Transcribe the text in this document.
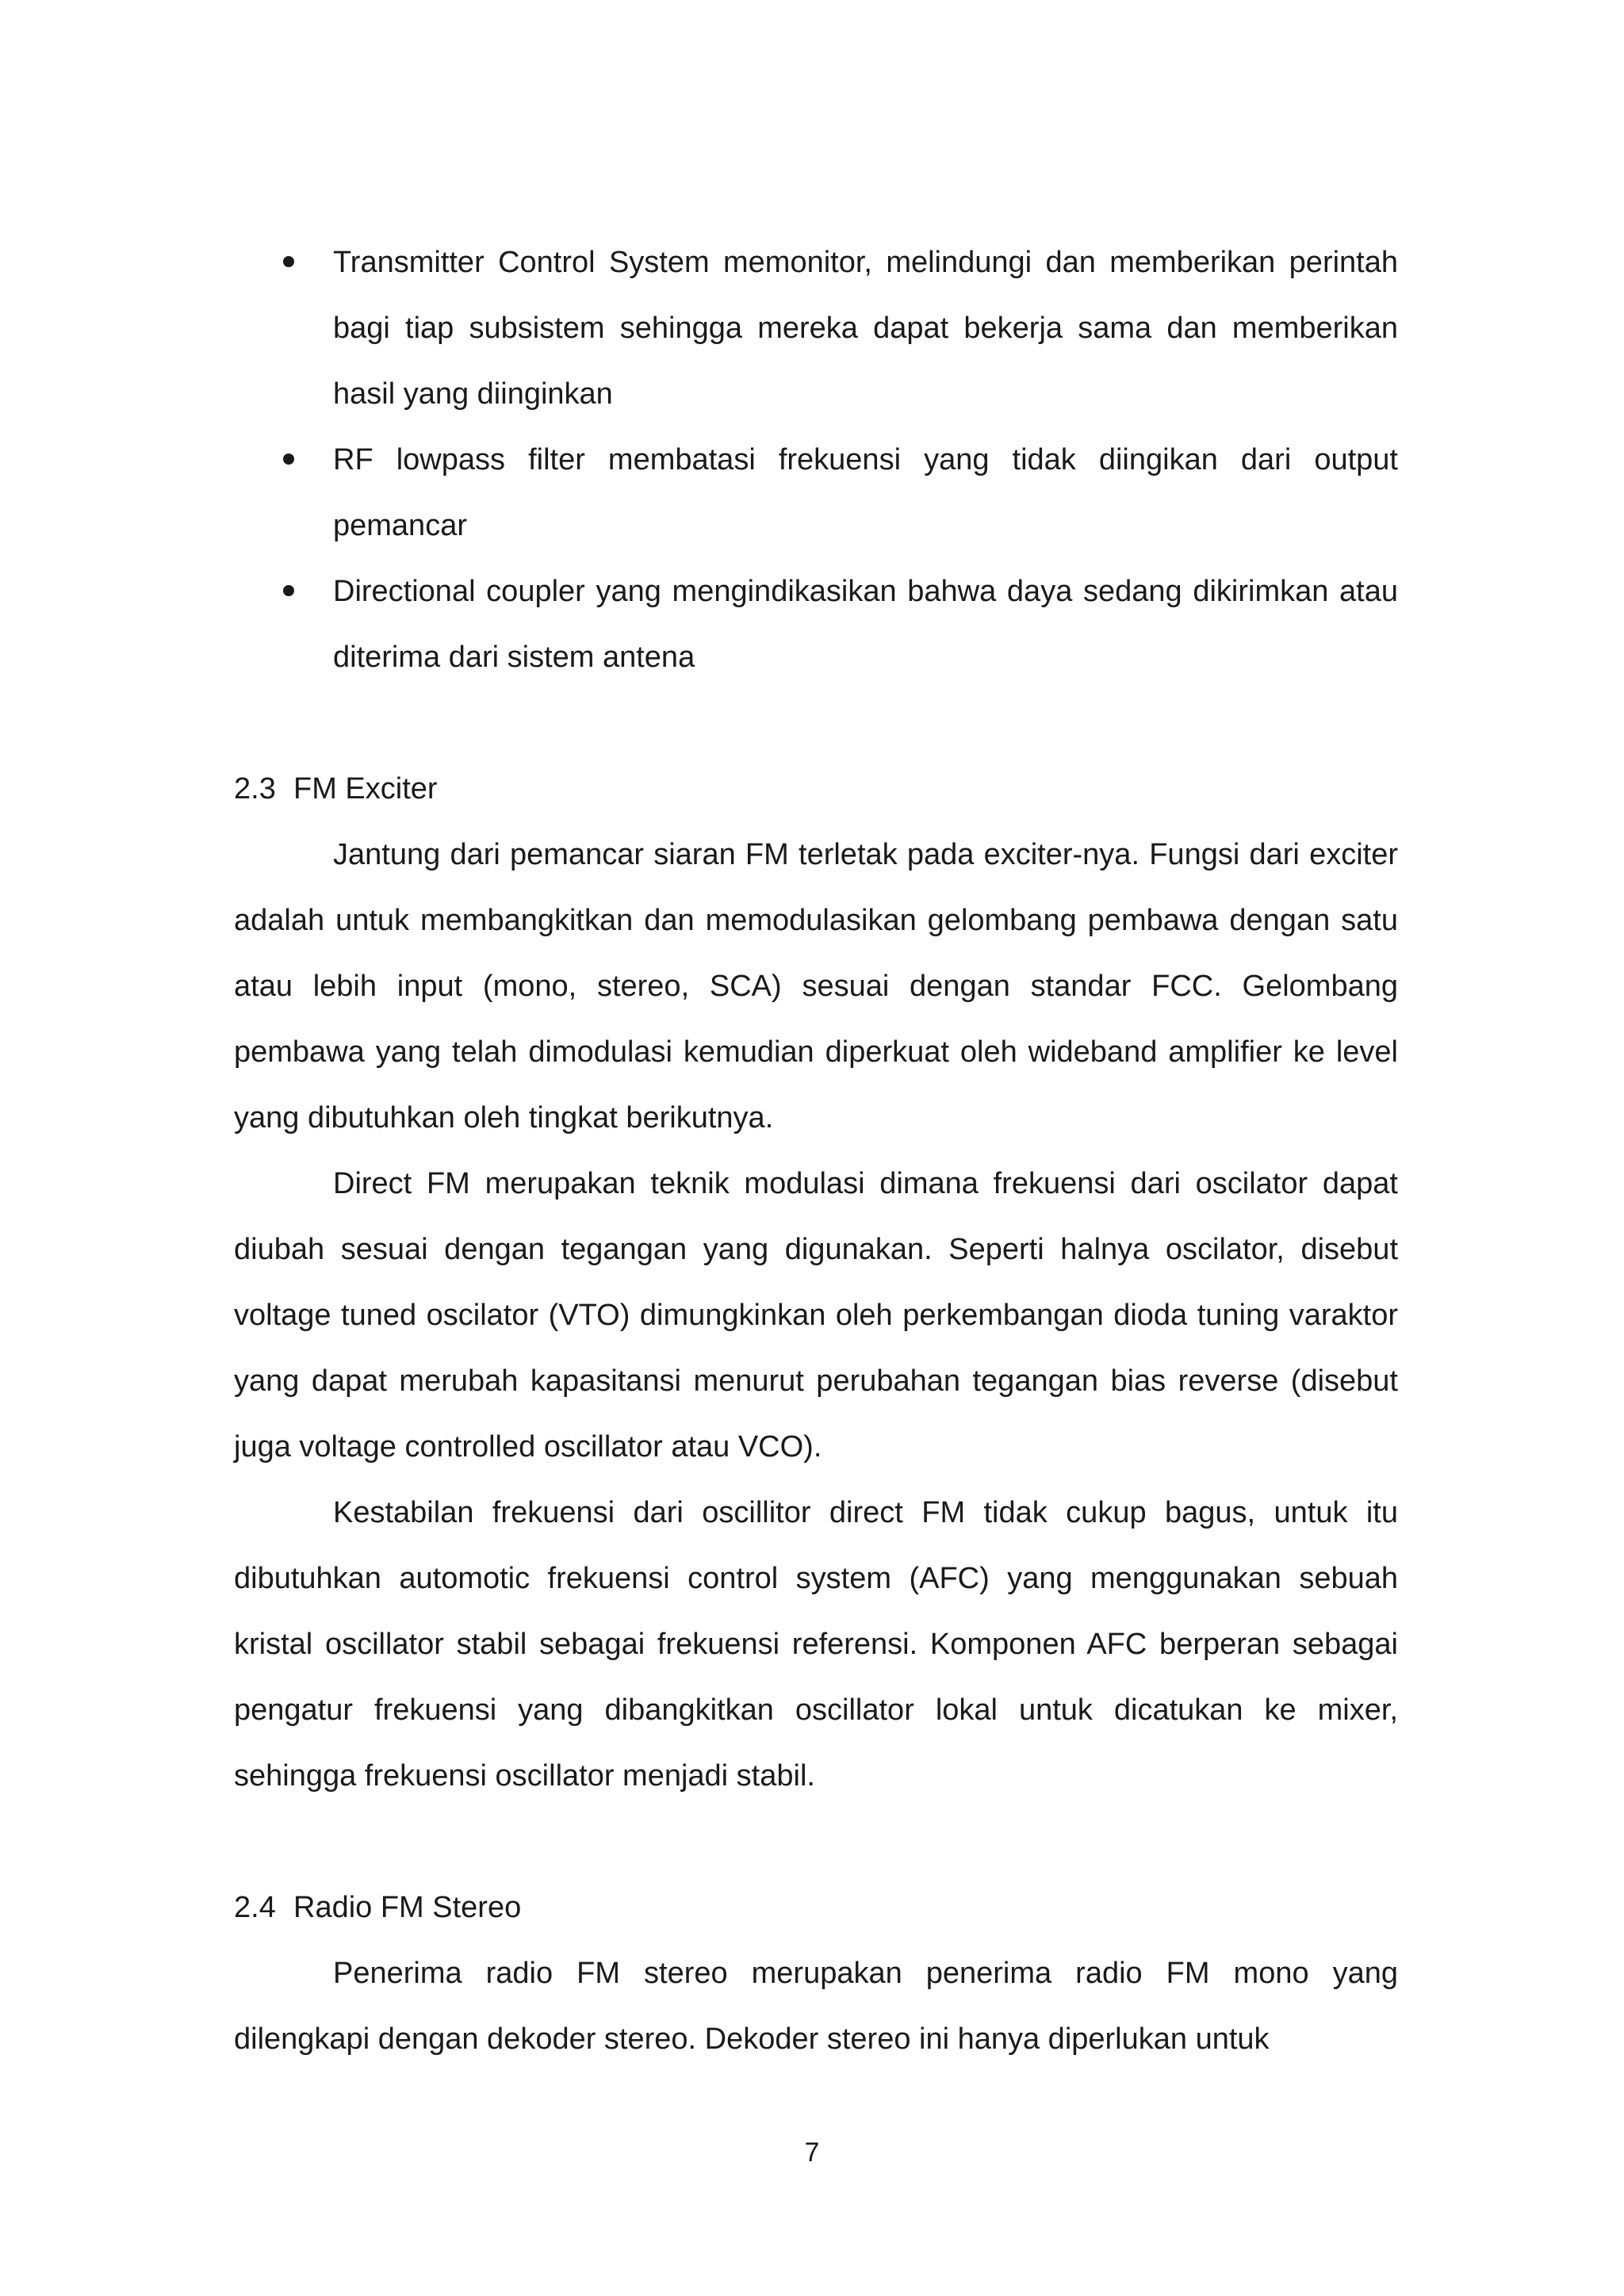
Transmitter Control System memonitor, melindungi dan memberikan perintah bagi tiap subsistem sehingga mereka dapat bekerja sama dan memberikan hasil yang diinginkan
RF lowpass filter membatasi frekuensi yang tidak diingikan dari output pemancar
Directional coupler yang mengindikasikan bahwa daya sedang dikirimkan atau diterima dari sistem antena
2.3 FM Exciter

Jantung dari pemancar siaran FM terletak pada exciter-nya. Fungsi dari exciter adalah untuk membangkitkan dan memodulasikan gelombang pembawa dengan satu atau lebih input (mono, stereo, SCA) sesuai dengan standar FCC. Gelombang pembawa yang telah dimodulasi kemudian diperkuat oleh wideband amplifier ke level yang dibutuhkan oleh tingkat berikutnya.

Direct FM merupakan teknik modulasi dimana frekuensi dari oscilator dapat diubah sesuai dengan tegangan yang digunakan. Seperti halnya oscilator, disebut voltage tuned oscilator (VTO) dimungkinkan oleh perkembangan dioda tuning varaktor yang dapat merubah kapasitansi menurut perubahan tegangan bias reverse (disebut juga voltage controlled oscillator atau VCO).

Kestabilan frekuensi dari oscillitor direct FM tidak cukup bagus, untuk itu dibutuhkan automotic frekuensi control system (AFC) yang menggunakan sebuah kristal oscillator stabil sebagai frekuensi referensi. Komponen AFC berperan sebagai pengatur frekuensi yang dibangkitkan oscillator lokal untuk dicatukan ke mixer, sehingga frekuensi oscillator menjadi stabil.

2.4 Radio FM Stereo

Penerima radio FM stereo merupakan penerima radio FM mono yang dilengkapi dengan dekoder stereo. Dekoder stereo ini hanya diperlukan untuk

7
